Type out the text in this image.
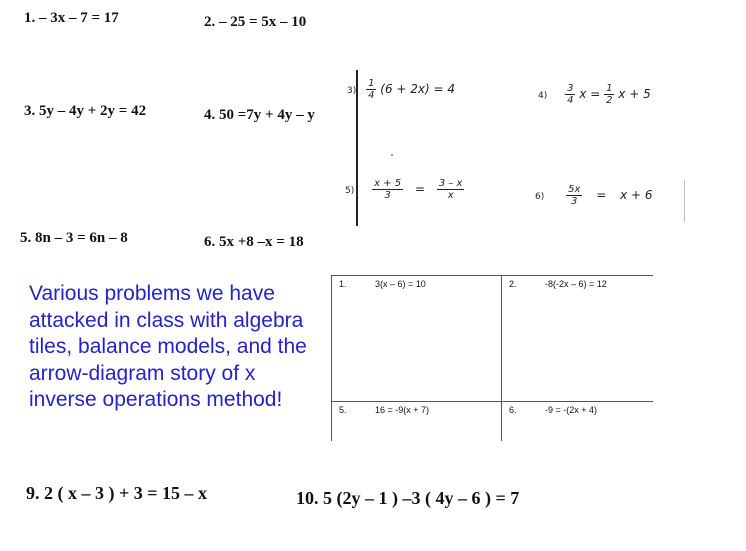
1. – 3x – 7 = 17	2. – 25 = 5x – 10
3. 5y – 4y + 2y = 42	4. 50 =7y + 4y – y
5. 8n – 3 = 6n – 8	6. 5x +8 –x = 18
$3) \frac{1}{4} (6 + 2x) = 4$	$4) \frac{3}{4}$ $x = \frac{1}{2}$ x + 5
$5) \frac{x + 5}{3} = \frac{3 - x}{x}$	$6) \frac{5x}{3} = x + 6$
Various problems we have attacked in class with algebra tiles, balance models, and the arrow-diagram story of x inverse operations method!
1.	3(x – 6) = 10	2.	-8(-2x – 6) = 12
5.	16 = -9(x + 7)	6.	-9 = -(2x + 4)
9. 2 ( x – 3 ) + 3 = 15 – x	10. 5 (2y – 1 ) –3 ( 4y – 6 ) = 7
